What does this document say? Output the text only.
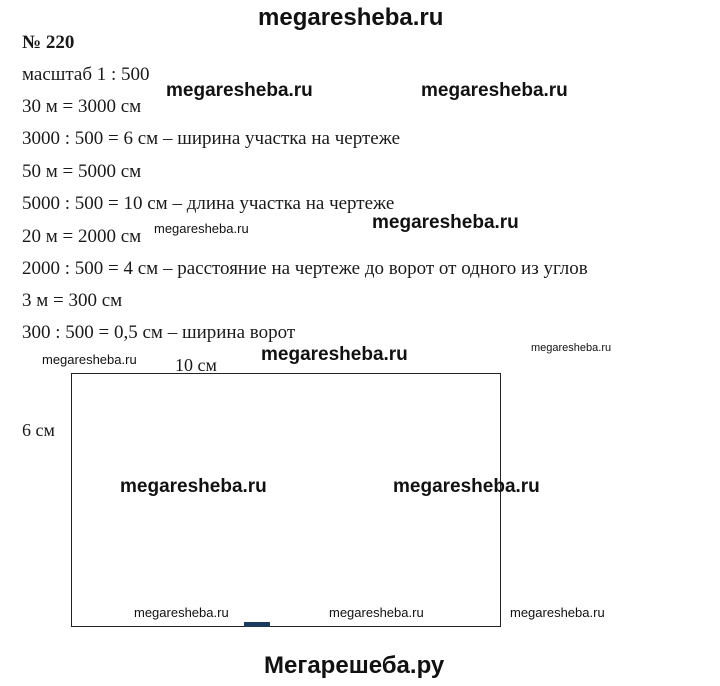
megaresheba.ru
№ 220
масштаб 1 : 500
30 м = 3000 см
3000 : 500 = 6 см – ширина участка на чертеже
50 м = 5000 см
5000 : 500 = 10 см – длина участка на чертеже
20 м = 2000 см
2000 : 500 = 4 см – расстояние на чертеже до ворот от одного из углов
3 м = 300 см
300 : 500 = 0,5 см – ширина ворот
megaresheba.ru	megaresheba.ru
megaresheba.ru	megaresheba.ru
megaresheba.ru	megaresheba.ru	megaresheba.ru
10 см
6 см
megaresheba.ru	megaresheba.ru
megaresheba.ru	megaresheba.ru	megaresheba.ru
Мегарешеба.ру
